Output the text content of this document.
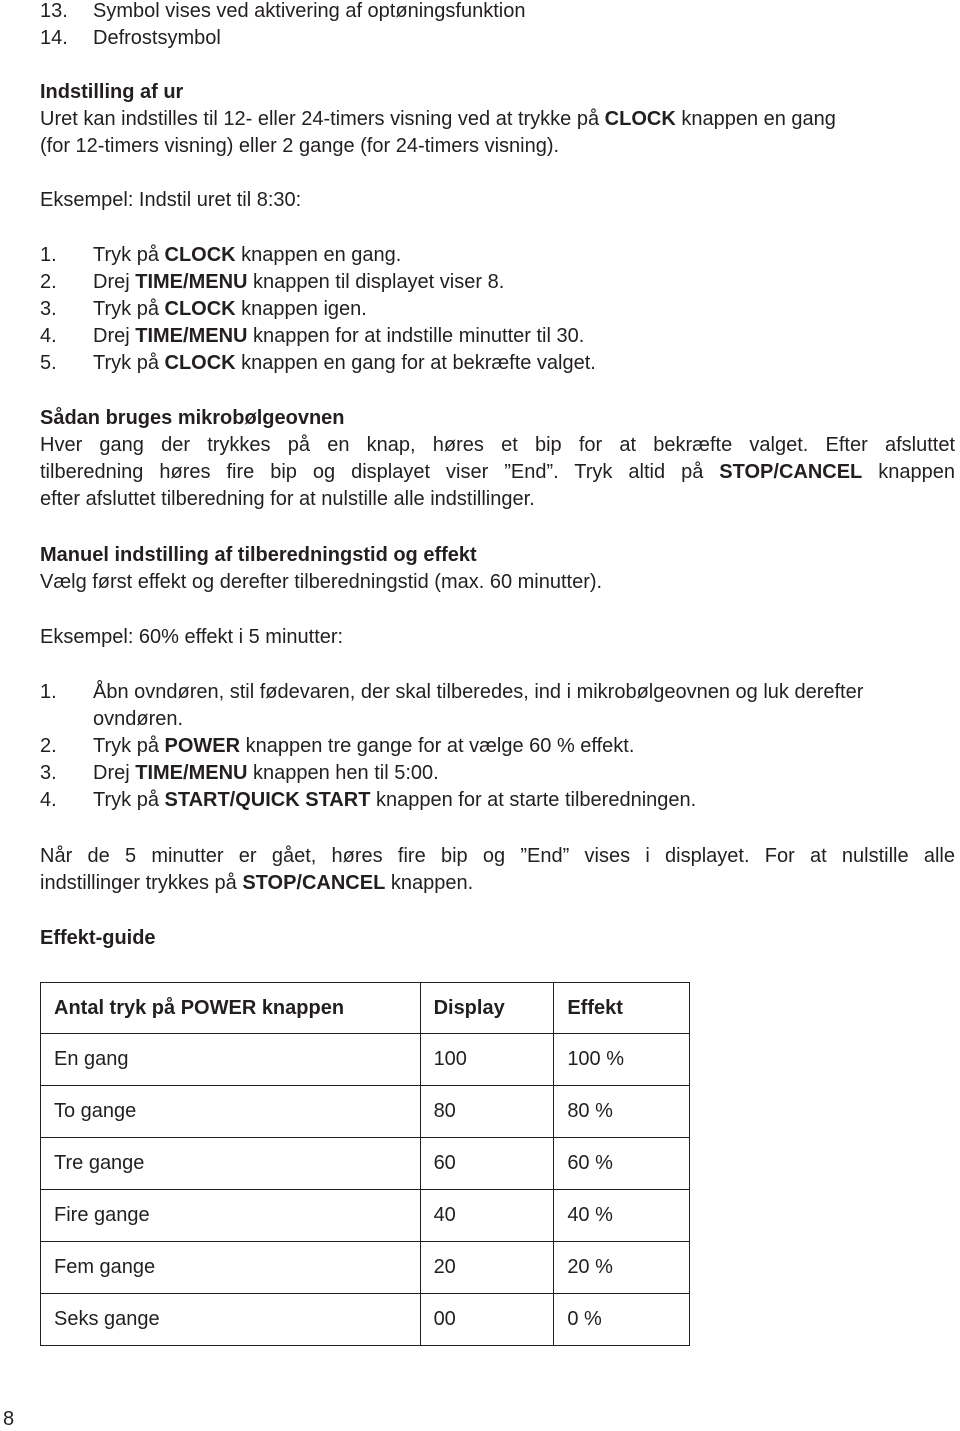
13. Symbol vises ved aktivering af optøningsfunktion
14. Defrostsymbol
Indstilling af ur
Uret kan indstilles til 12- eller 24-timers visning ved at trykke på CLOCK knappen en gang
(for 12-timers visning) eller 2 gange (for 24-timers visning).
Eksempel: Indstil uret til 8:30:
1. Tryk på CLOCK knappen en gang.
2. Drej TIME/MENU knappen til displayet viser 8.
3. Tryk på CLOCK knappen igen.
4. Drej TIME/MENU knappen for at indstille minutter til 30.
5. Tryk på CLOCK knappen en gang for at bekræfte valget.
Sådan bruges mikrobølgeovnen
Hver gang der trykkes på en knap, høres et bip for at bekræfte valget. Efter afsluttet
tilberedning høres fire bip og displayet viser ”End”. Tryk altid på STOP/CANCEL knappen
efter afsluttet tilberedning for at nulstille alle indstillinger.
Manuel indstilling af tilberedningstid og effekt
Vælg først effekt og derefter tilberedningstid (max. 60 minutter).
Eksempel: 60% effekt i 5 minutter:
1. Åbn ovndøren, stil fødevaren, der skal tilberedes, ind i mikrobølgeovnen og luk derefter ovndøren.
2. Tryk på POWER knappen tre gange for at vælge 60 % effekt.
3. Drej TIME/MENU knappen hen til 5:00.
4. Tryk på START/QUICK START knappen for at starte tilberedningen.
Når de 5 minutter er gået, høres fire bip og ”End” vises i displayet. For at nulstille alle
indstillinger trykkes på STOP/CANCEL knappen.
Effekt-guide
Antal tryk på POWER knappen	Display	Effekt
En gang	100	100 %
To gange	80	80 %
Tre gange	60	60 %
Fire gange	40	40 %
Fem gange	20	20 %
Seks gange	00	0 %
8
